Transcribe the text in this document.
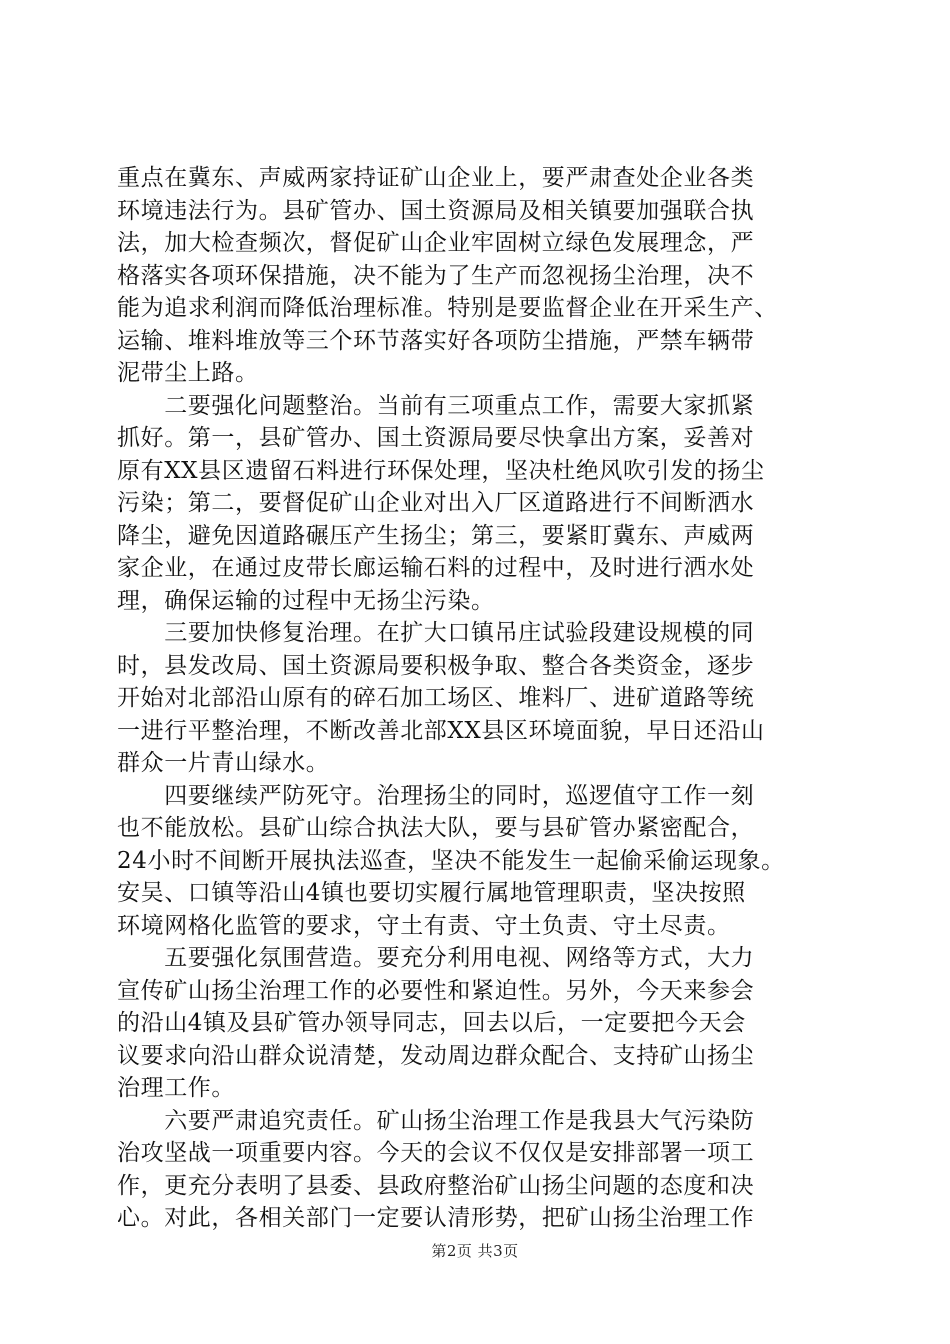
重点在冀东、声威两家持证矿山企业上，要严肃查处企业各类
环境违法行为。县矿管办、国土资源局及相关镇要加强联合执
法，加大检查频次，督促矿山企业牢固树立绿色发展理念，严
格落实各项环保措施，决不能为了生产而忽视扬尘治理，决不
能为追求利润而降低治理标准。特别是要监督企业在开采生产、
运输、堆料堆放等三个环节落实好各项防尘措施，严禁车辆带
泥带尘上路。
　　二要强化问题整治。当前有三项重点工作，需要大家抓紧
抓好。第一，县矿管办、国土资源局要尽快拿出方案，妥善对
原有XX县区遗留石料进行环保处理，坚决杜绝风吹引发的扬尘
污染；第二，要督促矿山企业对出入厂区道路进行不间断洒水
降尘，避免因道路碾压产生扬尘；第三，要紧盯冀东、声威两
家企业，在通过皮带长廊运输石料的过程中，及时进行洒水处
理，确保运输的过程中无扬尘污染。
　　三要加快修复治理。在扩大口镇吊庄试验段建设规模的同
时，县发改局、国土资源局要积极争取、整合各类资金，逐步
开始对北部沿山原有的碎石加工场区、堆料厂、进矿道路等统
一进行平整治理，不断改善北部XX县区环境面貌，早日还沿山
群众一片青山绿水。
　　四要继续严防死守。治理扬尘的同时，巡逻值守工作一刻
也不能放松。县矿山综合执法大队，要与县矿管办紧密配合，
24小时不间断开展执法巡查，坚决不能发生一起偷采偷运现象。
安吴、口镇等沿山4镇也要切实履行属地管理职责，坚决按照
环境网格化监管的要求，守土有责、守土负责、守土尽责。
　　五要强化氛围营造。要充分利用电视、网络等方式，大力
宣传矿山扬尘治理工作的必要性和紧迫性。另外，今天来参会
的沿山4镇及县矿管办领导同志，回去以后，一定要把今天会
议要求向沿山群众说清楚，发动周边群众配合、支持矿山扬尘
治理工作。
　　六要严肃追究责任。矿山扬尘治理工作是我县大气污染防
治攻坚战一项重要内容。今天的会议不仅仅是安排部署一项工
作，更充分表明了县委、县政府整治矿山扬尘问题的态度和决
心。对此，各相关部门一定要认清形势，把矿山扬尘治理工作
第2页 共3页
